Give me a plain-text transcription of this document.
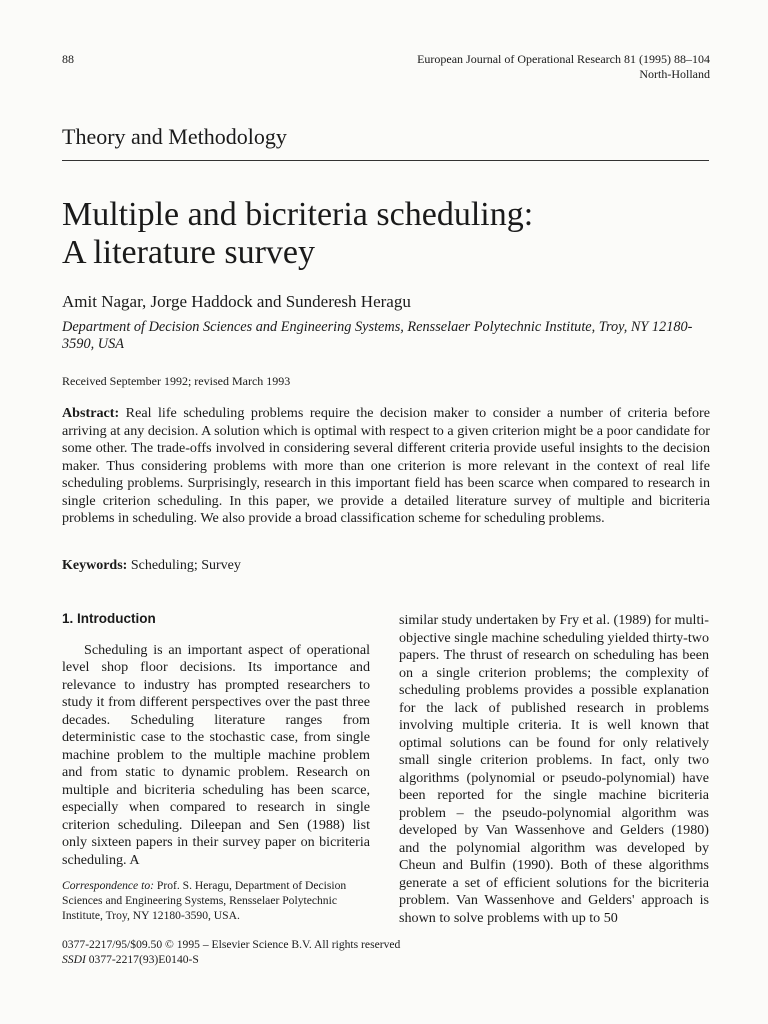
88	European Journal of Operational Research 81 (1995) 88–104
North-Holland
Theory and Methodology
Multiple and bicriteria scheduling:
A literature survey
Amit Nagar, Jorge Haddock and Sunderesh Heragu
Department of Decision Sciences and Engineering Systems, Rensselaer Polytechnic Institute, Troy, NY 12180-3590, USA
Received September 1992; revised March 1993
Abstract: Real life scheduling problems require the decision maker to consider a number of criteria before arriving at any decision. A solution which is optimal with respect to a given criterion might be a poor candidate for some other. The trade-offs involved in considering several different criteria provide useful insights to the decision maker. Thus considering problems with more than one criterion is more relevant in the context of real life scheduling problems. Surprisingly, research in this important field has been scarce when compared to research in single criterion scheduling. In this paper, we provide a detailed literature survey of multiple and bicriteria problems in scheduling. We also provide a broad classification scheme for scheduling problems.
Keywords: Scheduling; Survey
1. Introduction
Scheduling is an important aspect of operational level shop floor decisions. Its importance and relevance to industry has prompted researchers to study it from different perspectives over the past three decades. Scheduling literature ranges from deterministic case to the stochastic case, from single machine problem to the multiple machine problem and from static to dynamic problem. Research on multiple and bicriteria scheduling has been scarce, especially when compared to research in single criterion scheduling. Dileepan and Sen (1988) list only sixteen papers in their survey paper on bicriteria scheduling. A
similar study undertaken by Fry et al. (1989) for multi-objective single machine scheduling yielded thirty-two papers. The thrust of research on scheduling has been on a single criterion problems; the complexity of scheduling problems provides a possible explanation for the lack of published research in problems involving multiple criteria. It is well known that optimal solutions can be found for only relatively small single criterion problems. In fact, only two algorithms (polynomial or pseudo-polynomial) have been reported for the single machine bicriteria problem – the pseudo-polynomial algorithm was developed by Van Wassenhove and Gelders (1980) and the polynomial algorithm was developed by Cheun and Bulfin (1990). Both of these algorithms generate a set of efficient solutions for the bicriteria problem. Van Wassenhove and Gelders' approach is shown to solve problems with up to 50
Correspondence to: Prof. S. Heragu, Department of Decision Sciences and Engineering Systems, Rensselaer Polytechnic Institute, Troy, NY 12180-3590, USA.
0377-2217/95/$09.50 © 1995 – Elsevier Science B.V. All rights reserved
SSDI 0377-2217(93)E0140-S
